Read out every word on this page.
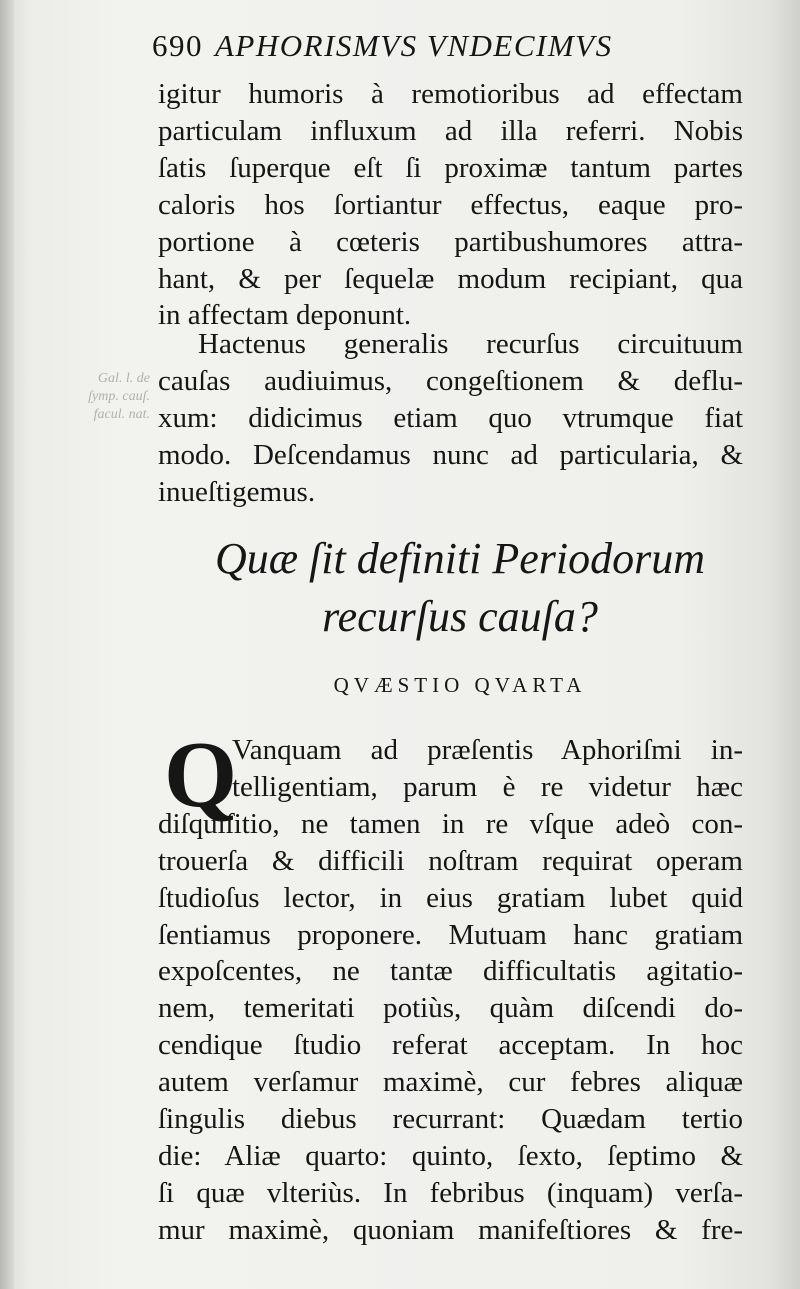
690 APHORISMVS VNDECIMVS
igitur humoris à remotioribus ad effectam
particulam influxum ad illa referri. Nobis
ſatis ſuperque eſt ſi proximæ tantum partes
caloris hos ſortiantur effectus, eaque pro-
portione à cœteris partibushumores attra-
hant, & per ſequelæ modum recipiant, qua
in affectam deponunt.
Hactenus generalis recurſus circuituum
cauſas audiuimus, congeſtionem & deflu-
xum: didicimus etiam quo vtrumque fiat
modo. Deſcendamus nunc ad particularia, &
inueſtigemus.
Gal. l. de
ſymp. cauſ.
facul. nat.
Quæ ſit definiti Periodorum
recurſus cauſa?
QVÆSTIO QVARTA
Q
Vanquam ad præſentis Aphoriſmi in-
telligentiam, parum è re videtur hæc
diſquiſitio, ne tamen in re vſque adeò con-
trouerſa & difficili noſtram requirat operam
ſtudioſus lector, in eius gratiam lubet quid
ſentiamus proponere. Mutuam hanc gratiam
expoſcentes, ne tantæ difficultatis agitatio-
nem, temeritati potiùs, quàm diſcendi do-
cendique ſtudio referat acceptam. In hoc
autem verſamur maximè, cur febres aliquæ
ſingulis diebus recurrant: Quædam tertio
die: Aliæ quarto: quinto, ſexto, ſeptimo &
ſi quæ vlteriùs. In febribus (inquam) verſa-
mur maximè, quoniam manifeſtiores & fre-
